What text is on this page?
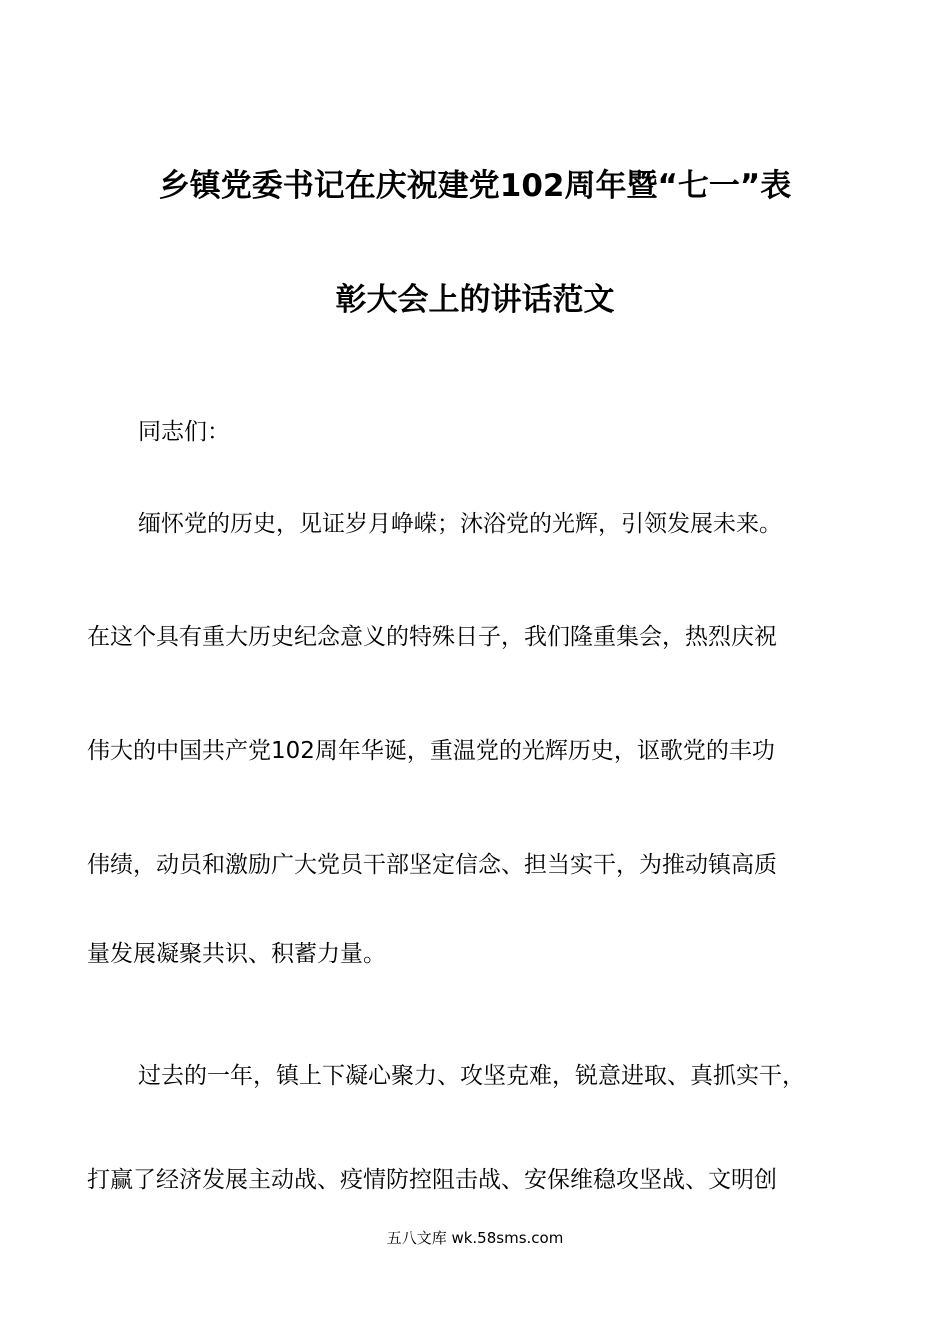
乡镇党委书记在庆祝建党102周年暨“七一”表
彰大会上的讲话范文
同志们：
缅怀党的历史，见证岁月峥嵘；沐浴党的光辉，引领发展未来。
在这个具有重大历史纪念意义的特殊日子，我们隆重集会，热烈庆祝
伟大的中国共产党102周年华诞，重温党的光辉历史，讴歌党的丰功
伟绩，动员和激励广大党员干部坚定信念、担当实干，为推动镇高质
量发展凝聚共识、积蓄力量。
过去的一年，镇上下凝心聚力、攻坚克难，锐意进取、真抓实干，
打赢了经济发展主动战、疫情防控阻击战、安保维稳攻坚战、文明创
五八文库 wk.58sms.com
